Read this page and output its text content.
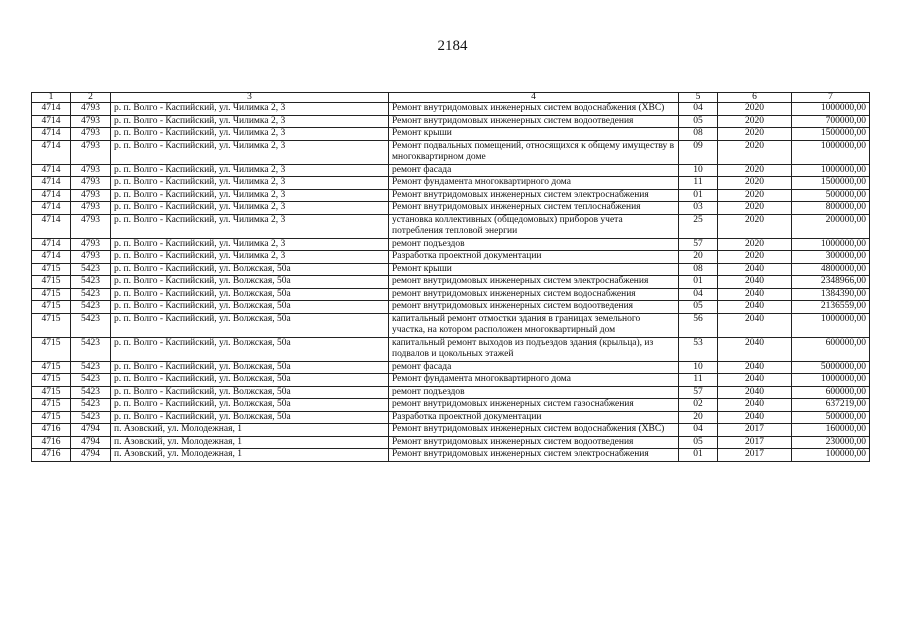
2184
1	2	3	4	5	6	7
4714	4793	р. п. Волго - Каспийский, ул. Чилимка 2, 3	Ремонт внутридомовых инженерных систем водоснабжения (ХВС)	04	2020	1000000,00
4714	4793	р. п. Волго - Каспийский, ул. Чилимка 2, 3	Ремонт внутридомовых инженерных систем водоотведения	05	2020	700000,00
4714	4793	р. п. Волго - Каспийский, ул. Чилимка 2, 3	Ремонт крыши	08	2020	1500000,00
4714	4793	р. п. Волго - Каспийский, ул. Чилимка 2, 3	Ремонт подвальных помещений, относящихся к общему имуществу в многоквартирном доме	09	2020	1000000,00
4714	4793	р. п. Волго - Каспийский, ул. Чилимка 2, 3	ремонт фасада	10	2020	1000000,00
4714	4793	р. п. Волго - Каспийский, ул. Чилимка 2, 3	Ремонт фундамента многоквартирного дома	11	2020	1500000,00
4714	4793	р. п. Волго - Каспийский, ул. Чилимка 2, 3	Ремонт внутридомовых инженерных систем электроснабжения	01	2020	500000,00
4714	4793	р. п. Волго - Каспийский, ул. Чилимка 2, 3	Ремонт внутридомовых инженерных систем теплоснабжения	03	2020	800000,00
4714	4793	р. п. Волго - Каспийский, ул. Чилимка 2, 3	установка коллективных (общедомовых) приборов учета потребления тепловой энергии	25	2020	200000,00
4714	4793	р. п. Волго - Каспийский, ул. Чилимка 2, 3	ремонт подъездов	57	2020	1000000,00
4714	4793	р. п. Волго - Каспийский, ул. Чилимка 2, 3	Разработка проектной документации	20	2020	300000,00
4715	5423	р. п. Волго - Каспийский, ул. Волжская, 50а	Ремонт крыши	08	2040	4800000,00
4715	5423	р. п. Волго - Каспийский, ул. Волжская, 50а	ремонт внутридомовых инженерных систем электроснабжения	01	2040	2348966,00
4715	5423	р. п. Волго - Каспийский, ул. Волжская, 50а	ремонт внутридомовых инженерных систем водоснабжения	04	2040	1384390,00
4715	5423	р. п. Волго - Каспийский, ул. Волжская, 50а	ремонт внутридомовых инженерных систем водоотведения	05	2040	2136559,00
4715	5423	р. п. Волго - Каспийский, ул. Волжская, 50а	капитальный ремонт отмостки здания в границах земельного участка, на котором расположен многоквартирный дом	56	2040	1000000,00
4715	5423	р. п. Волго - Каспийский, ул. Волжская, 50а	капитальный ремонт выходов из подъездов здания (крыльца), из подвалов и цокольных этажей	53	2040	600000,00
4715	5423	р. п. Волго - Каспийский, ул. Волжская, 50а	ремонт фасада	10	2040	5000000,00
4715	5423	р. п. Волго - Каспийский, ул. Волжская, 50а	Ремонт фундамента многоквартирного дома	11	2040	1000000,00
4715	5423	р. п. Волго - Каспийский, ул. Волжская, 50а	ремонт подъездов	57	2040	600000,00
4715	5423	р. п. Волго - Каспийский, ул. Волжская, 50а	ремонт внутридомовых инженерных систем газоснабжения	02	2040	637219,00
4715	5423	р. п. Волго - Каспийский, ул. Волжская, 50а	Разработка проектной документации	20	2040	500000,00
4716	4794	п. Азовский, ул. Молодежная, 1	Ремонт внутридомовых инженерных систем водоснабжения (ХВС)	04	2017	160000,00
4716	4794	п. Азовский, ул. Молодежная, 1	Ремонт внутридомовых инженерных систем водоотведения	05	2017	230000,00
4716	4794	п. Азовский, ул. Молодежная, 1	Ремонт внутридомовых инженерных систем электроснабжения	01	2017	100000,00
